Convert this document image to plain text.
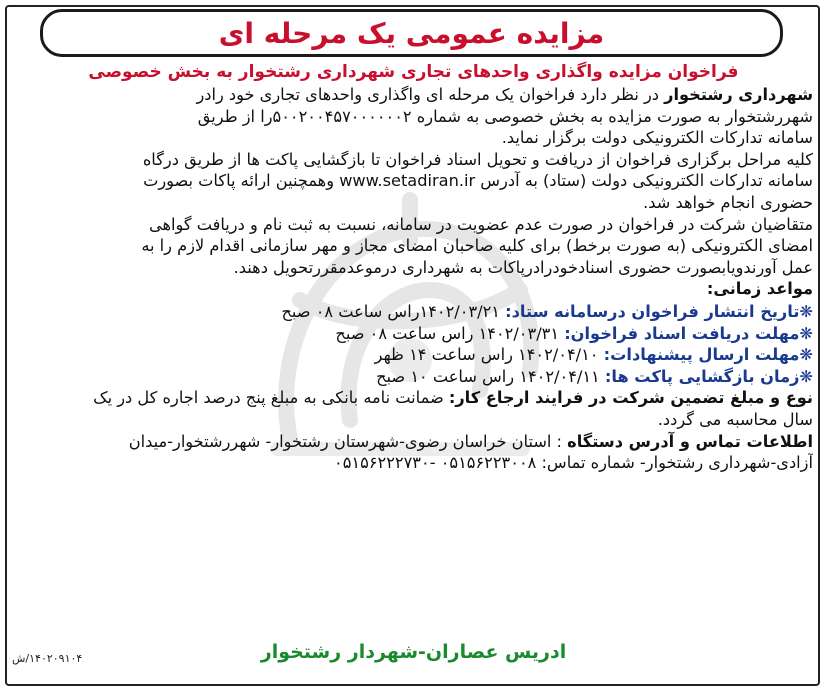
مزایده عمومی یک مرحله ای
فراخوان مزایده واگذاری واحدهای تجاری شهرداری رشتخوار به بخش خصوصی

شهرداری رشتخوار در نظر دارد فراخوان یک مرحله ای واگذاری واحدهای تجاری خود رادر
شهررشتخوار به صورت مزایده به بخش خصوصی به شماره ۵۰۰۲۰۰۴۵۷۰۰۰۰۰۰۲را از طریق
سامانه تدارکات الکترونیکی دولت برگزار نماید.

کلیه مراحل برگزاری فراخوان از دریافت و تحویل اسناد فراخوان تا بازگشایی پاکت ها از طریق درگاه
سامانه تدارکات الکترونیکی دولت (ستاد) به آدرس www.setadiran.ir وهمچنین ارائه پاکات بصورت
حضوری انجام خواهد شد.

متقاضیان شرکت در فراخوان در صورت عدم عضویت در سامانه، نسبت به ثبت نام و دریافت گواهی
امضای الکترونیکی (به صورت برخط) برای کلیه صاحبان امضای مجاز و مهر سازمانی اقدام لازم را به
عمل آورندویابصورت حضوری اسنادخودرادرپاکات به شهرداری درموعدمقررتحویل دهند.

مواعد زمانی:

❋تاریخ انتشار فراخوان درسامانه ستاد: ۱۴۰۲/۰۳/۲۱راس ساعت ۰۸ صبح
❋مهلت دریافت اسناد فراخوان: ۱۴۰۲/۰۳/۳۱ راس ساعت ۰۸ صبح
❋مهلت ارسال پیشنهادات: ۱۴۰۲/۰۴/۱۰ راس ساعت ۱۴ ظهر
❋زمان بازگشایی پاکت ها: ۱۴۰۲/۰۴/۱۱ راس ساعت ۱۰ صبح

نوع و مبلغ تضمین شرکت در فرایند ارجاع کار: ضمانت نامه بانکی به مبلغ پنج درصد اجاره کل در یک
سال محاسبه می گردد.

اطلاعات تماس و آدرس دستگاه : استان خراسان رضوی-شهرستان رشتخوار- شهررشتخوار-میدان
آزادی-شهرداری رشتخوار- شماره تماس: ۰۵۱۵۶۲۲۳۰۰۸ -۰۵۱۵۶۲۲۲۷۳۰

ادریس عصاران-شهردار رشتخوار
۱۴۰۲۰۹۱۰۴/ش
